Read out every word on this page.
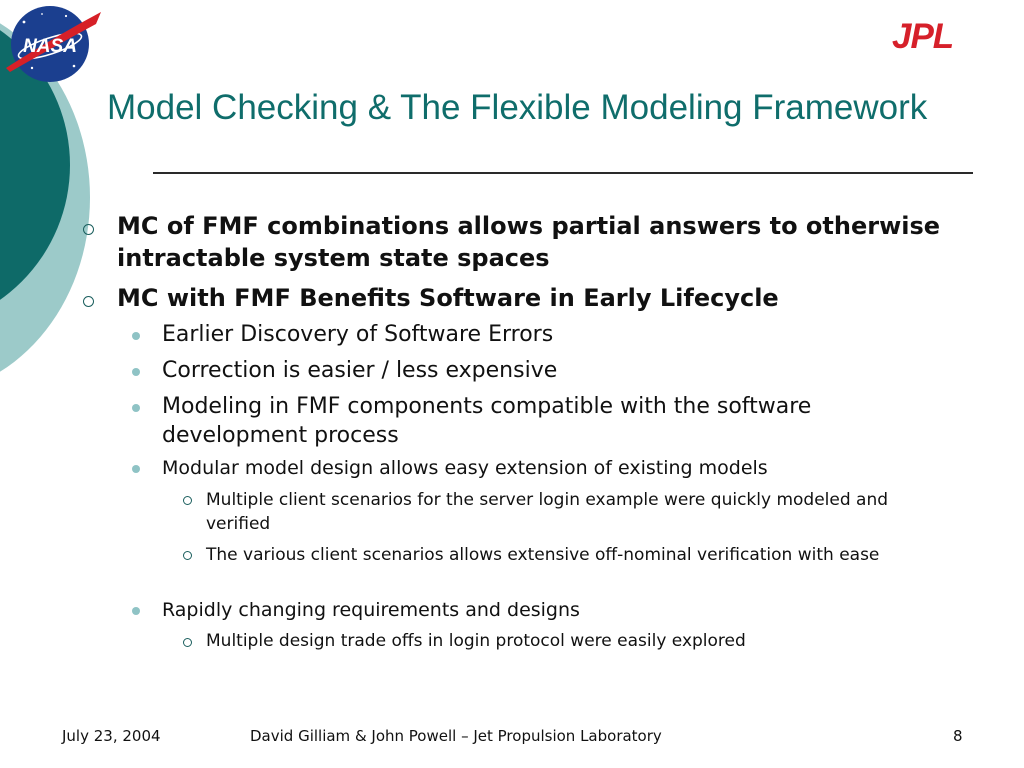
NASA	JPL
Model Checking & The Flexible Modeling Framework

MC of FMF combinations allows partial answers to otherwise intractable system state spaces

MC with FMF Benefits Software in Early Lifecycle

Earlier Discovery of Software Errors

Correction is easier / less expensive

Modeling in FMF components compatible with the software development process

Modular model design allows easy extension of existing models

Multiple client scenarios for the server login example were quickly modeled and verified

The various client scenarios allows extensive off-nominal verification with ease

Rapidly changing requirements and designs

Multiple design trade offs in login protocol were easily explored

July 23, 2004	David Gilliam & John Powell – Jet Propulsion Laboratory	8
